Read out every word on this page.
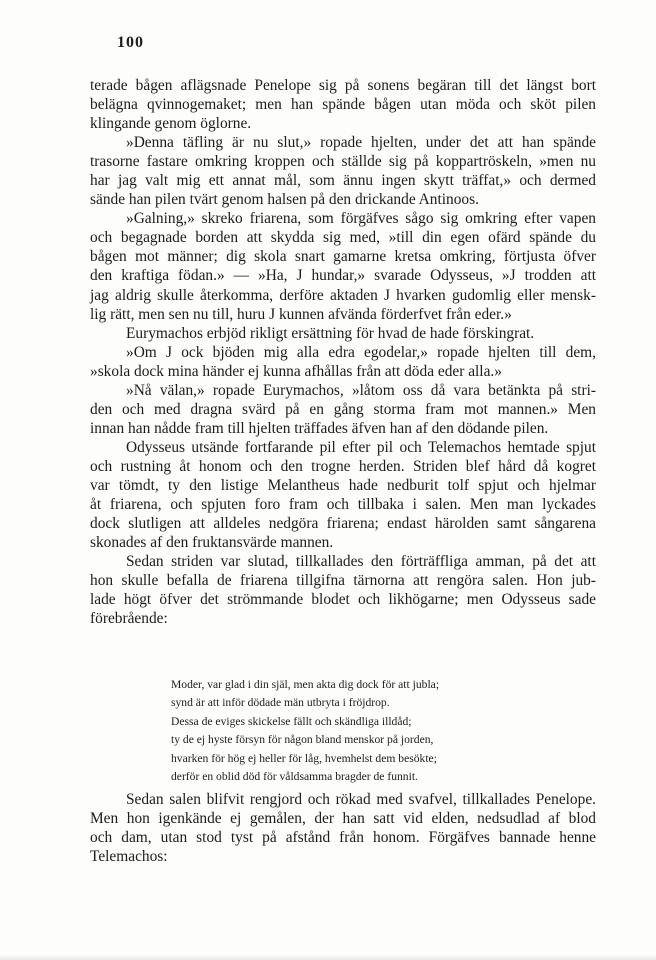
100

terade bågen aflägsnade Penelope sig på sonens begäran till det längst bort
belägna qvinnogemaket; men han spände bågen utan möda och sköt pilen
klingande genom öglorne.

»Denna täfling är nu slut,» ropade hjelten, under det att han spände
trasorne fastare omkring kroppen och ställde sig på koppartröskeln, »men nu
har jag valt mig ett annat mål, som ännu ingen skytt träffat,» och dermed
sände han pilen tvärt genom halsen på den drickande Antinoos.

»Galning,» skreko friarena, som förgäfves sågo sig omkring efter vapen
och begagnade borden att skydda sig med, »till din egen ofärd spände du
bågen mot männer; dig skola snart gamarne kretsa omkring, förtjusta öfver
den kraftiga födan.» — »Ha, J hundar,» svarade Odysseus, »J trodden att
jag aldrig skulle återkomma, derföre aktaden J hvarken gudomlig eller mensk-
lig rätt, men sen nu till, huru J kunnen afvända förderfvet från eder.»

Eurymachos erbjöd rikligt ersättning för hvad de hade förskingrat.

»Om J ock bjöden mig alla edra egodelar,» ropade hjelten till dem,
»skola dock mina händer ej kunna afhållas från att döda eder alla.»

»Nå välan,» ropade Eurymachos, »låtom oss då vara betänkta på stri-
den och med dragna svärd på en gång storma fram mot mannen.» Men
innan han nådde fram till hjelten träffades äfven han af den dödande pilen.

Odysseus utsände fortfarande pil efter pil och Telemachos hemtade spjut
och rustning åt honom och den trogne herden. Striden blef hård då kogret
var tömdt, ty den listige Melantheus hade nedburit tolf spjut och hjelmar
åt friarena, och spjuten foro fram och tillbaka i salen. Men man lyckades
dock slutligen att alldeles nedgöra friarena; endast härolden samt sångarena
skonades af den fruktansvärde mannen.

Sedan striden var slutad, tillkallades den förträffliga amman, på det att
hon skulle befalla de friarena tillgifna tärnorna att rengöra salen. Hon jub-
lade högt öfver det strömmande blodet och likhögarne; men Odysseus sade
förebrående:

Moder, var glad i din själ, men akta dig dock för att jubla;
synd är att inför dödade män utbryta i fröjdrop.
Dessa de eviges skickelse fällt och skändliga illdåd;
ty de ej hyste försyn för någon bland menskor på jorden,
hvarken för hög ej heller för låg, hvemhelst dem besökte;
derför en oblid död för våldsamma bragder de funnit.

Sedan salen blifvit rengjord och rökad med svafvel, tillkallades Penelope.
Men hon igenkände ej gemålen, der han satt vid elden, nedsudlad af blod
och dam, utan stod tyst på afstånd från honom. Förgäfves bannade henne
Telemachos:
